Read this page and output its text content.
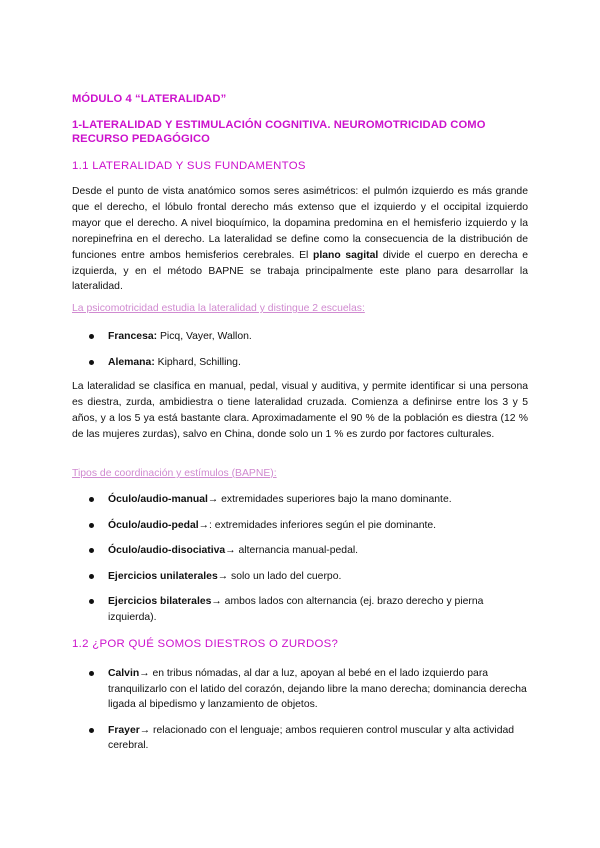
MÓDULO 4 “LATERALIDAD”
1-LATERALIDAD Y ESTIMULACIÓN COGNITIVA. NEUROMOTRICIDAD COMO RECURSO PEDAGÓGICO
1.1 LATERALIDAD Y SUS FUNDAMENTOS

Desde el punto de vista anatómico somos seres asimétricos: el pulmón izquierdo es más grande que el derecho, el lóbulo frontal derecho más extenso que el izquierdo y el occipital izquierdo mayor que el derecho. A nivel bioquímico, la dopamina predomina en el hemisferio izquierdo y la norepinefrina en el derecho. La lateralidad se define como la consecuencia de la distribución de funciones entre ambos hemisferios cerebrales. El plano sagital divide el cuerpo en derecha e izquierda, y en el método BAPNE se trabaja principalmente este plano para desarrollar la lateralidad.

La psicomotricidad estudia la lateralidad y distingue 2 escuelas:

Francesa: Picq, Vayer, Wallon.
Alemana: Kiphard, Schilling.

La lateralidad se clasifica en manual, pedal, visual y auditiva, y permite identificar si una persona es diestra, zurda, ambidiestra o tiene lateralidad cruzada. Comienza a definirse entre los 3 y 5 años, y a los 5 ya está bastante clara. Aproximadamente el 90 % de la población es diestra (12 % de las mujeres zurdas), salvo en China, donde solo un 1 % es zurdo por factores culturales.

Tipos de coordinación y estímulos (BAPNE):

Óculo/audio-manual→ extremidades superiores bajo la mano dominante.
Óculo/audio-pedal→: extremidades inferiores según el pie dominante.
Óculo/audio-disociativa→ alternancia manual-pedal.
Ejercicios unilaterales→ solo un lado del cuerpo.
Ejercicios bilaterales→ ambos lados con alternancia (ej. brazo derecho y pierna izquierda).
1.2 ¿POR QUÉ SOMOS DIESTROS O ZURDOS?
Calvin→ en tribus nómadas, al dar a luz, apoyan al bebé en el lado izquierdo para tranquilizarlo con el latido del corazón, dejando libre la mano derecha; dominancia derecha ligada al bipedismo y lanzamiento de objetos.
Frayer→ relacionado con el lenguaje; ambos requieren control muscular y alta actividad cerebral.
